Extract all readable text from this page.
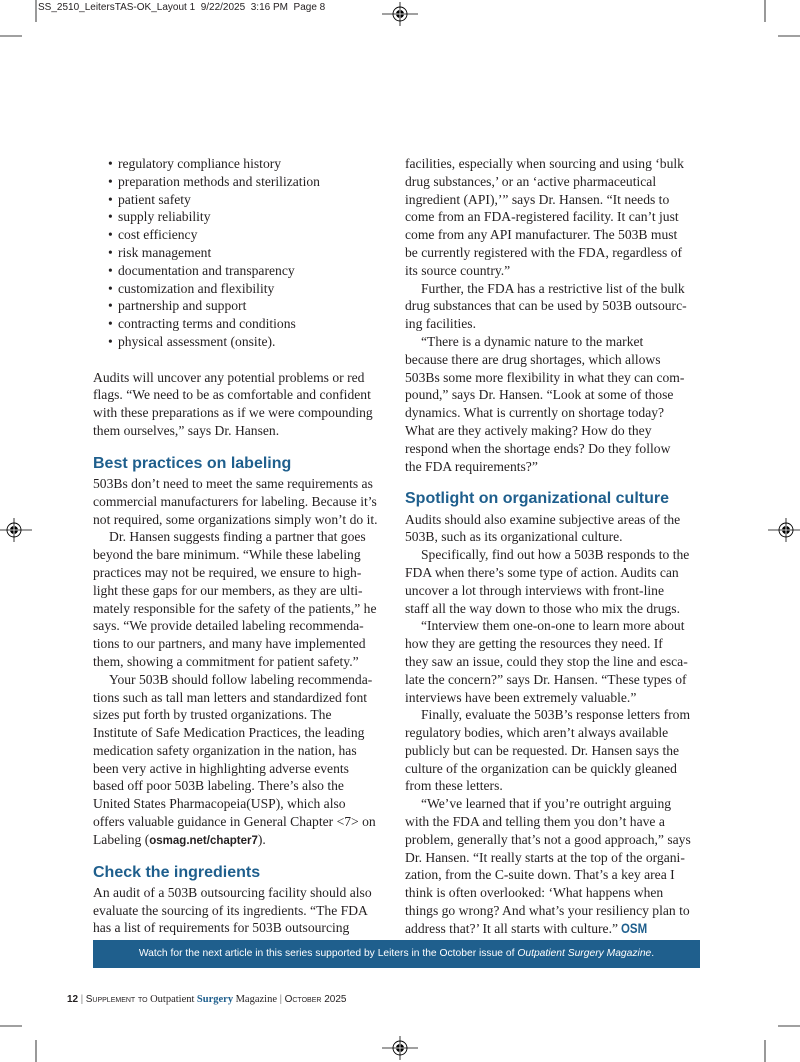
SS_2510_LeitersTAS-OK_Layout 1  9/22/2025  3:16 PM  Page 8
• regulatory compliance history
• preparation methods and sterilization
• patient safety
• supply reliability
• cost efficiency
• risk management
• documentation and transparency
• customization and flexibility
• partnership and support
• contracting terms and conditions
• physical assessment (onsite).
Audits will uncover any potential problems or red
flags. “We need to be as comfortable and confident
with these preparations as if we were compounding
them ourselves,” says Dr. Hansen.
Best practices on labeling
503Bs don’t need to meet the same requirements as
commercial manufacturers for labeling. Because it’s
not required, some organizations simply won’t do it.
Dr. Hansen suggests finding a partner that goes
beyond the bare minimum. “While these labeling
practices may not be required, we ensure to high-
light these gaps for our members, as they are ulti-
mately responsible for the safety of the patients,” he
says. “We provide detailed labeling recommenda-
tions to our partners, and many have implemented
them, showing a commitment for patient safety.”
Your 503B should follow labeling recommenda-
tions such as tall man letters and standardized font
sizes put forth by trusted organizations. The
Institute of Safe Medication Practices, the leading
medication safety organization in the nation, has
been very active in highlighting adverse events
based off poor 503B labeling. There’s also the
United States Pharmacopeia(USP), which also
offers valuable guidance in General Chapter <7> on
Labeling (osmag.net/chapter7).
Check the ingredients
An audit of a 503B outsourcing facility should also
evaluate the sourcing of its ingredients. “The FDA
has a list of requirements for 503B outsourcing
facilities, especially when sourcing and using ‘bulk
drug substances,’ or an ‘active pharmaceutical
ingredient (API),’” says Dr. Hansen. “It needs to
come from an FDA-registered facility. It can’t just
come from any API manufacturer. The 503B must
be currently registered with the FDA, regardless of
its source country.”
Further, the FDA has a restrictive list of the bulk
drug substances that can be used by 503B outsourc-
ing facilities.
“There is a dynamic nature to the market
because there are drug shortages, which allows
503Bs some more flexibility in what they can com-
pound,” says Dr. Hansen. “Look at some of those
dynamics. What is currently on shortage today?
What are they actively making? How do they
respond when the shortage ends? Do they follow
the FDA requirements?”
Spotlight on organizational culture
Audits should also examine subjective areas of the
503B, such as its organizational culture.
Specifically, find out how a 503B responds to the
FDA when there’s some type of action. Audits can
uncover a lot through interviews with front-line
staff all the way down to those who mix the drugs.
“Interview them one-on-one to learn more about
how they are getting the resources they need. If
they saw an issue, could they stop the line and esca-
late the concern?” says Dr. Hansen. “These types of
interviews have been extremely valuable.”
Finally, evaluate the 503B’s response letters from
regulatory bodies, which aren’t always available
publicly but can be requested. Dr. Hansen says the
culture of the organization can be quickly gleaned
from these letters.
“We’ve learned that if you’re outright arguing
with the FDA and telling them you don’t have a
problem, generally that’s not a good approach,” says
Dr. Hansen. “It really starts at the top of the organi-
zation, from the C-suite down. That’s a key area I
think is often overlooked: ‘What happens when
things go wrong? And what’s your resiliency plan to
address that?’ It all starts with culture.” OSM
Watch for the next article in this series supported by Leiters in the October issue of Outpatient Surgery Magazine.
12 | Supplement to Outpatient Surgery Magazine | October 2025
